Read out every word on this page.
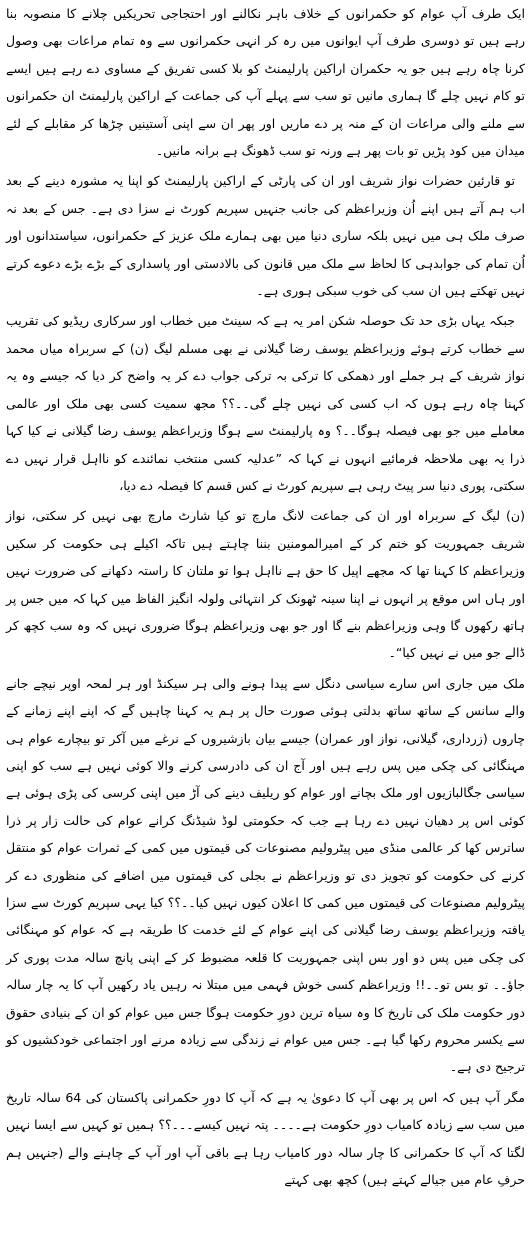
ایک طرف آپ عوام کو حکمرانوں کے خلاف باہر نکالنے اور احتجاجی تحریکیں چلانے کا منصوبہ بنا رہے ہیں تو دوسری طرف آپ ایوانوں میں رہ کر انہی حکمرانوں سے وہ تمام مراعات بھی وصول کرنا چاہ رہے ہیں جو یہ حکمران اراکین پارلیمنٹ کو بلا کسی تفریق کے مساوی دے رہے ہیں ایسے تو کام نہیں چلے گا ہماری مانیں تو سب سے پہلے آپ کی جماعت کے اراکین پارلیمنٹ ان حکمرانوں سے ملنے والی مراعات ان کے منہ پر دے ماریں اور پھر ان سے اپنی آستینیں چڑھا کر مقابلے کے لئے میدان میں کود پڑیں تو بات پھر ہے ورنہ تو سب ڈھونگ ہے برانہ مانیں۔

تو قارئین حضرات نواز شریف اور ان کی پارٹی کے اراکین پارلیمنٹ کو اپنا یہ مشورہ دینے کے بعد اب ہم آتے ہیں اپنے اُن وزیراعظم کی جانب جنہیں سپریم کورٹ نے سزا دی ہے۔ جس کے بعد نہ صرف ملک ہی میں نہیں بلکہ ساری دنیا میں بھی ہمارے ملک عزیز کے حکمرانوں، سیاستدانوں اور اُن تمام کی جوابدہی کا لحاظ سے ملک میں قانون کی بالادستی اور پاسداری کے بڑے بڑے دعوے کرتے نہیں تھکتے ہیں ان سب کی خوب سبکی ہوری ہے۔

جبکہ یہاں بڑی حد تک حوصلہ شکن امر یہ ہے کہ سینٹ میں خطاب اور سرکاری ریڈیو کی تقریب سے خطاب کرتے ہوئے وزیراعظم یوسف رضا گیلانی نے بھی مسلم لیگ (ن) کے سربراہ میاں محمد نواز شریف کے ہر جملے اور دھمکی کا ترکی بہ ترکی جواب دے کر یہ واضح کر دیا کہ جیسے وہ یہ کہنا چاہ رہے ہوں کہ اب کسی کی نہیں چلے گی۔۔؟؟ مجھ سمیت کسی بھی ملک اور عالمی معاملے میں جو بھی فیصلہ ہوگا۔۔؟ وہ پارلیمنٹ سے ہوگا وزیراعظم یوسف رضا گیلانی نے کیا کہا ذرا یہ بھی ملاحظہ فرمائیے انہوں نے کہا کہ ”عدلیہ کسی منتخب نمائندے کو نااہل قرار نہیں دے سکتی، پوری دنیا سر پیٹ رہی ہے سپریم کورٹ نے کس قسم کا فیصلہ دے دیا،

(ن) لیگ کے سربراہ اور ان کی جماعت لانگ مارچ تو کیا شارٹ مارچ بھی نہیں کر سکتی، نواز شریف جمہوریت کو ختم کر کے امیرالمومنین بننا چاہتے ہیں تاکہ اکیلے ہی حکومت کر سکیں وزیراعظم کا کہنا تھا کہ مجھے اپیل کا حق ہے نااہل ہوا تو ملتان کا راستہ دکھانے کی ضرورت نہیں اور ہاں اس موقع پر انہوں نے اپنا سینہ ٹھونک کر انتہائی ولولہ انگیز الفاظ میں کہا کہ میں جس پر ہاتھ رکھوں گا وہی وزیراعظم بنے گا اور جو بھی وزیراعظم ہوگا ضروری نہیں کہ وہ سب کچھ کر ڈالے جو میں نے نہیں کیا“۔

ملک میں جاری اس سارے سیاسی دنگل سے پیدا ہونے والی ہر سیکنڈ اور ہر لمحہ اوپر نیچے جانے والے سانس کے ساتھ ساتھ بدلتی ہوئی صورت حال پر ہم یہ کہنا چاہیں گے کہ اپنے اپنے زمانے کے چاروں (زرداری، گیلانی، نواز اور عمران) جیسے بیان بازشیروں کے نرغے میں آکر تو بیچارے عوام ہی مہنگائی کی چکی میں پس رہے ہیں اور آج ان کی دادرسی کرنے والا کوئی نہیں ہے سب کو اپنی سیاسی جگالبازیوں اور ملک بچانے اور عوام کو ریلیف دینے کی آڑ میں اپنی کرسی کی پڑی ہوئی ہے کوئی اس پر دھیان نہیں دے رہا ہے جب کہ حکومتی لوڈ شیڈنگ کرانے عوام کی حالت زار پر ذرا ساترس کھا کر عالمی منڈی میں پیٹرولیم مصنوعات کی قیمتوں میں کمی کے ثمرات عوام کو منتقل کرنے کی حکومت کو تجویز دی تو وزیراعظم نے بجلی کی قیمتوں میں اضافے کی منظوری دے کر پیٹرولیم مصنوعات کی قیمتوں میں کمی کا اعلان کیوں نہیں کیا۔۔؟؟ کیا یہی سپریم کورٹ سے سزا یافتہ وزیراعظم یوسف رضا گیلانی کی اپنے عوام کے لئے خدمت کا طریقہ ہے کہ عوام کو مہنگائی کی چکی میں پس دو اور بس اپنی جمہوریت کا قلعہ مضبوط کر کے اپنی پانچ سالہ مدت پوری کر جاؤ۔۔ تو بس تو۔۔!! وزیراعظم کسی خوش فہمی میں مبتلا نہ رہیں یاد رکھیں آپ کا یہ چار سالہ دور حکومت ملک کی تاریخ کا وہ سیاہ ترین دورِ حکومت ہوگا جس میں عوام کو ان کے بنیادی حقوق سے یکسر محروم رکھا گیا ہے۔ جس میں عوام نے زندگی سے زیادہ مرنے اور اجتماعی خودکشیوں کو ترجیح دی ہے۔

مگر آپ ہیں کہ اس پر بھی آپ کا دعویٰ یہ ہے کہ آپ کا دورِ حکمرانی پاکستان کی 64 سالہ تاریخ میں سب سے زیادہ کامیاب دورِ حکومت ہے۔۔۔۔ پتہ نہیں کیسے۔۔۔؟؟ ہمیں تو کہیں سے ایسا نہیں لگتا کہ آپ کا حکمرانی کا چار سالہ دور کامیاب رہا ہے باقی آپ اور آپ کے چاہنے والے (جنہیں ہم حرفِ عام میں جیالے کہتے ہیں) کچھ بھی کہتے
